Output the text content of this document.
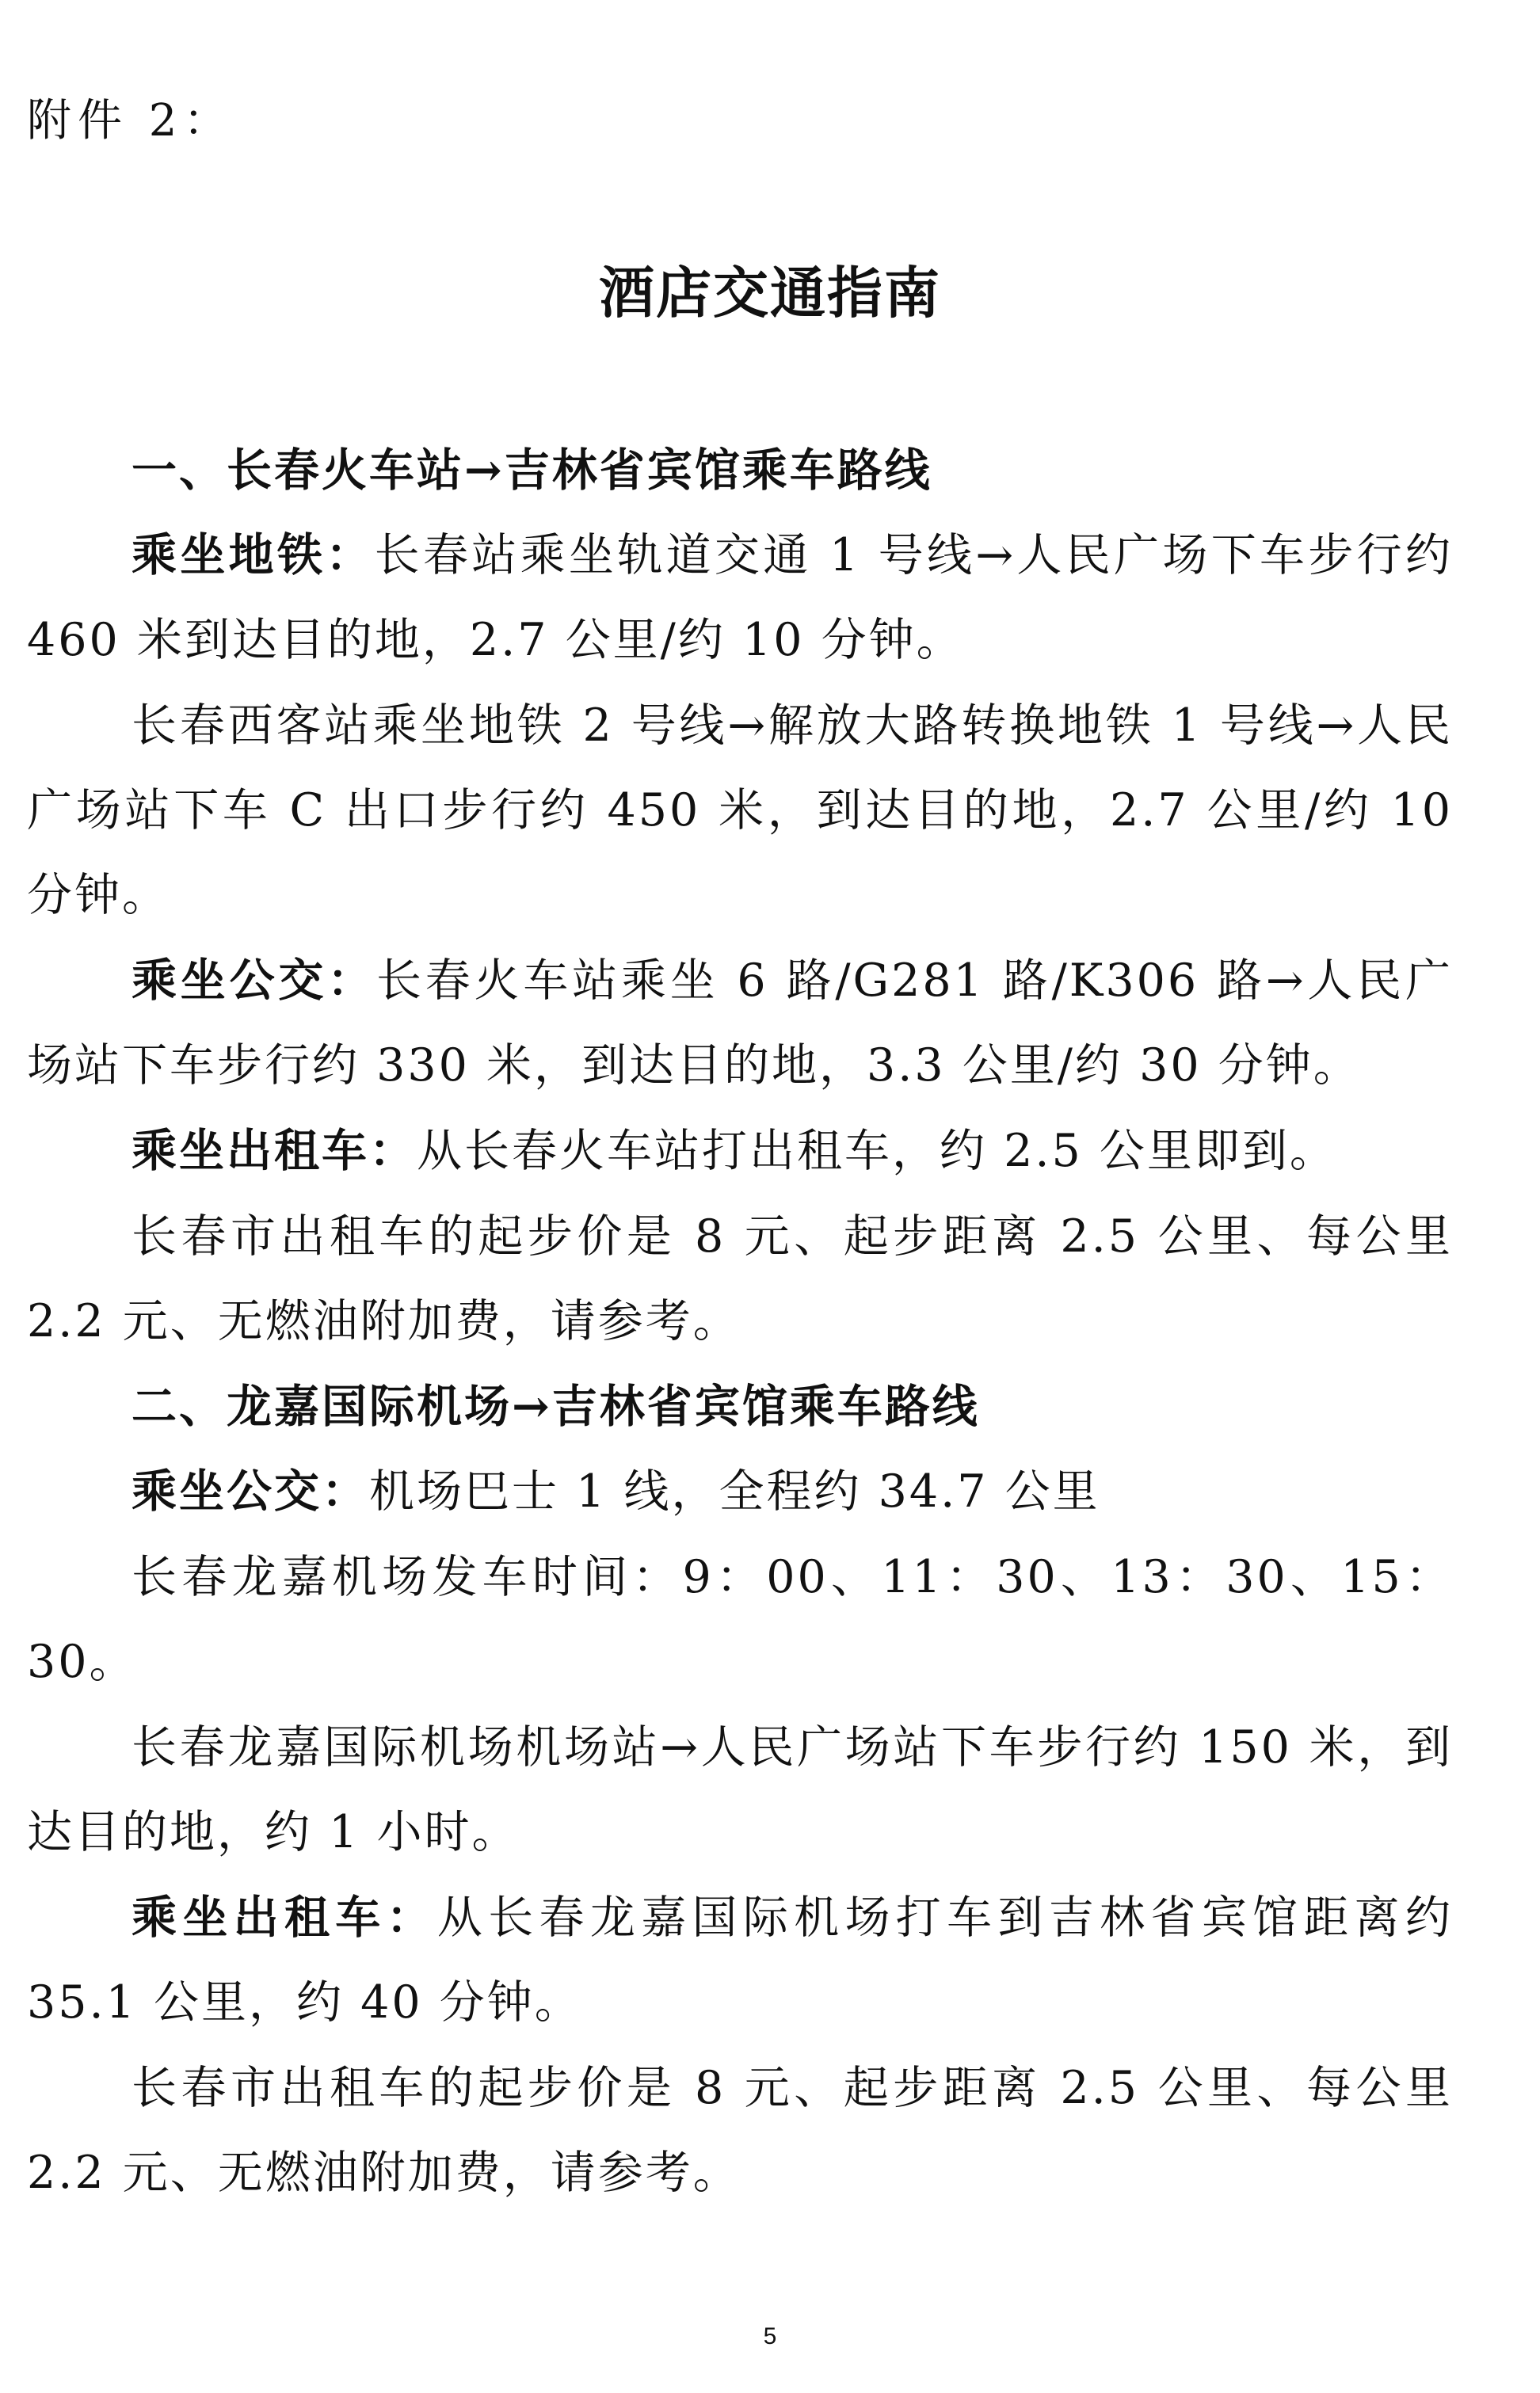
附件 2：
酒店交通指南

一、长春火车站→吉林省宾馆乘车路线

乘坐地铁：长春站乘坐轨道交通 1 号线→人民广场下车步行约 460 米到达目的地，2.7 公里/约 10 分钟。

长春西客站乘坐地铁 2 号线→解放大路转换地铁 1 号线→人民广场站下车 C 出口步行约 450 米，到达目的地，2.7 公里/约 10 分钟。

乘坐公交：长春火车站乘坐 6 路/G281 路/K306 路→人民广场站下车步行约 330 米，到达目的地，3.3 公里/约 30 分钟。

乘坐出租车：从长春火车站打出租车，约 2.5 公里即到。

长春市出租车的起步价是 8 元、起步距离 2.5 公里、每公里 2.2 元、无燃油附加费，请参考。

二、龙嘉国际机场→吉林省宾馆乘车路线

乘坐公交：机场巴士 1 线，全程约 34.7 公里

长春龙嘉机场发车时间：9：00、11：30、13：30、15：30。

长春龙嘉国际机场机场站→人民广场站下车步行约 150 米，到达目的地，约 1 小时。

乘坐出租车：从长春龙嘉国际机场打车到吉林省宾馆距离约 35.1 公里，约 40 分钟。

长春市出租车的起步价是 8 元、起步距离 2.5 公里、每公里 2.2 元、无燃油附加费，请参考。

5
